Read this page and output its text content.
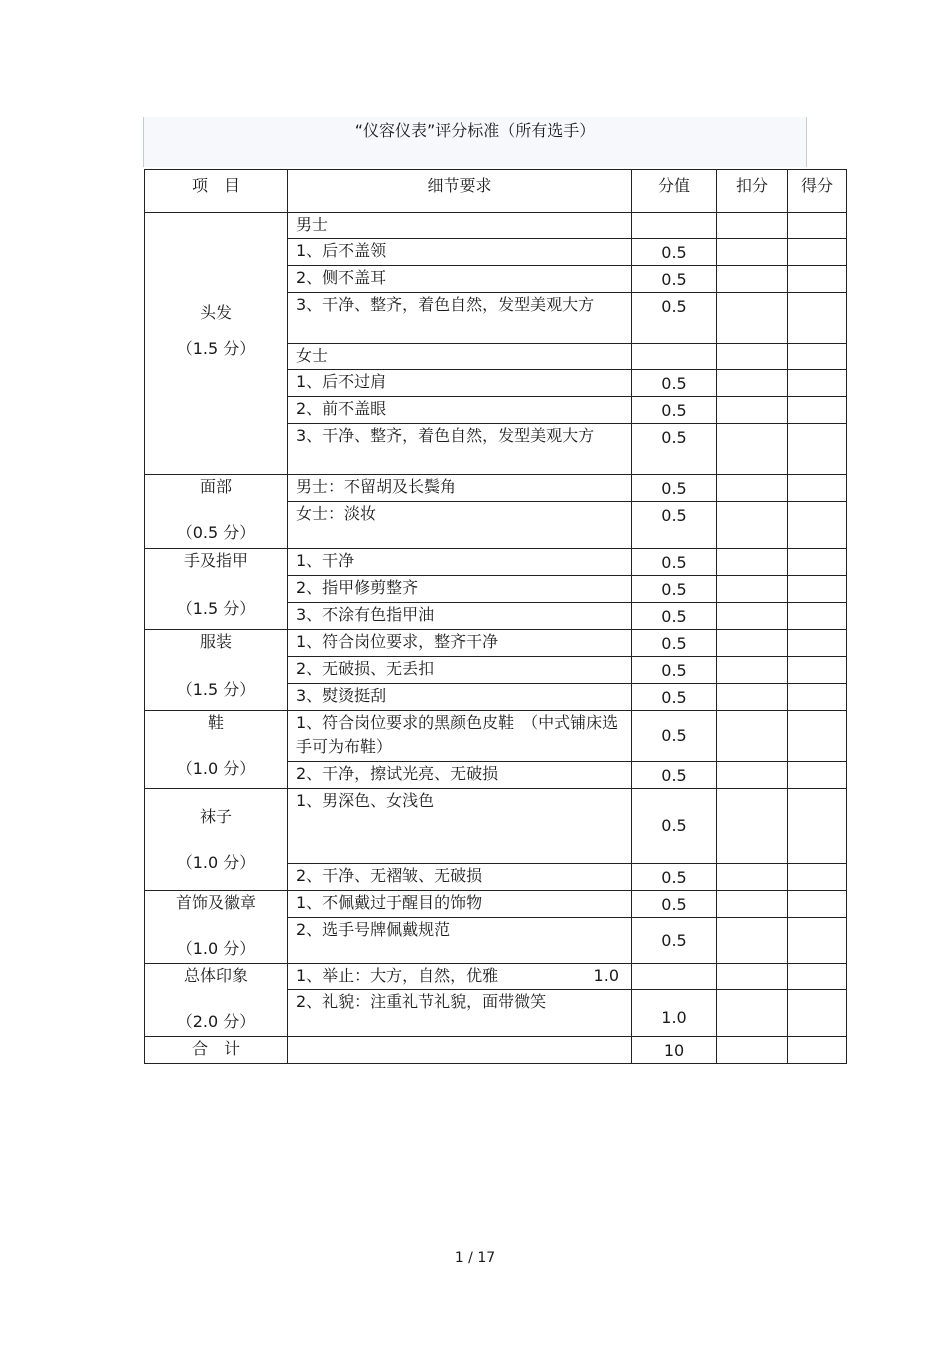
“仪容仪表”评分标准（所有选手）
项　目	细节要求	分值	扣分	得分

头发
（1.5 分）	男士			
	1、后不盖领	0.5		
	2、侧不盖耳	0.5		
	3、干净、整齐，着色自然，发型美观大方	0.5		
	女士			
	1、后不过肩	0.5		
	2、前不盖眼	0.5		
	3、干净、整齐，着色自然，发型美观大方	0.5		

面部
（0.5 分）	男士：不留胡及长鬓角	0.5		
	女士：淡妆	0.5		

手及指甲
（1.5 分）	1、干净	0.5		
	2、指甲修剪整齐	0.5		
	3、不涂有色指甲油	0.5		

服装
（1.5 分）	1、符合岗位要求，整齐干净	0.5		
	2、无破损、无丢扣	0.5		
	3、熨烫挺刮	0.5		

鞋
（1.0 分）	1、符合岗位要求的黑颜色皮鞋　（中式铺床选手可为布鞋）	0.5		
	2、干净，擦试光亮、无破损	0.5		

袜子
（1.0 分）	1、男深色、女浅色	0.5		
	2、干净、无褶皱、无破损	0.5		

首饰及徽章
（1.0 分）	1、不佩戴过于醒目的饰物	0.5		
	2、选手号牌佩戴规范	0.5		

总体印象
（2.0 分）	1、举止：大方，自然，优雅 1.0			

	2、礼貌：注重礼节礼貌，面带微笑	1.0		
合　计		10		
1 / 17
